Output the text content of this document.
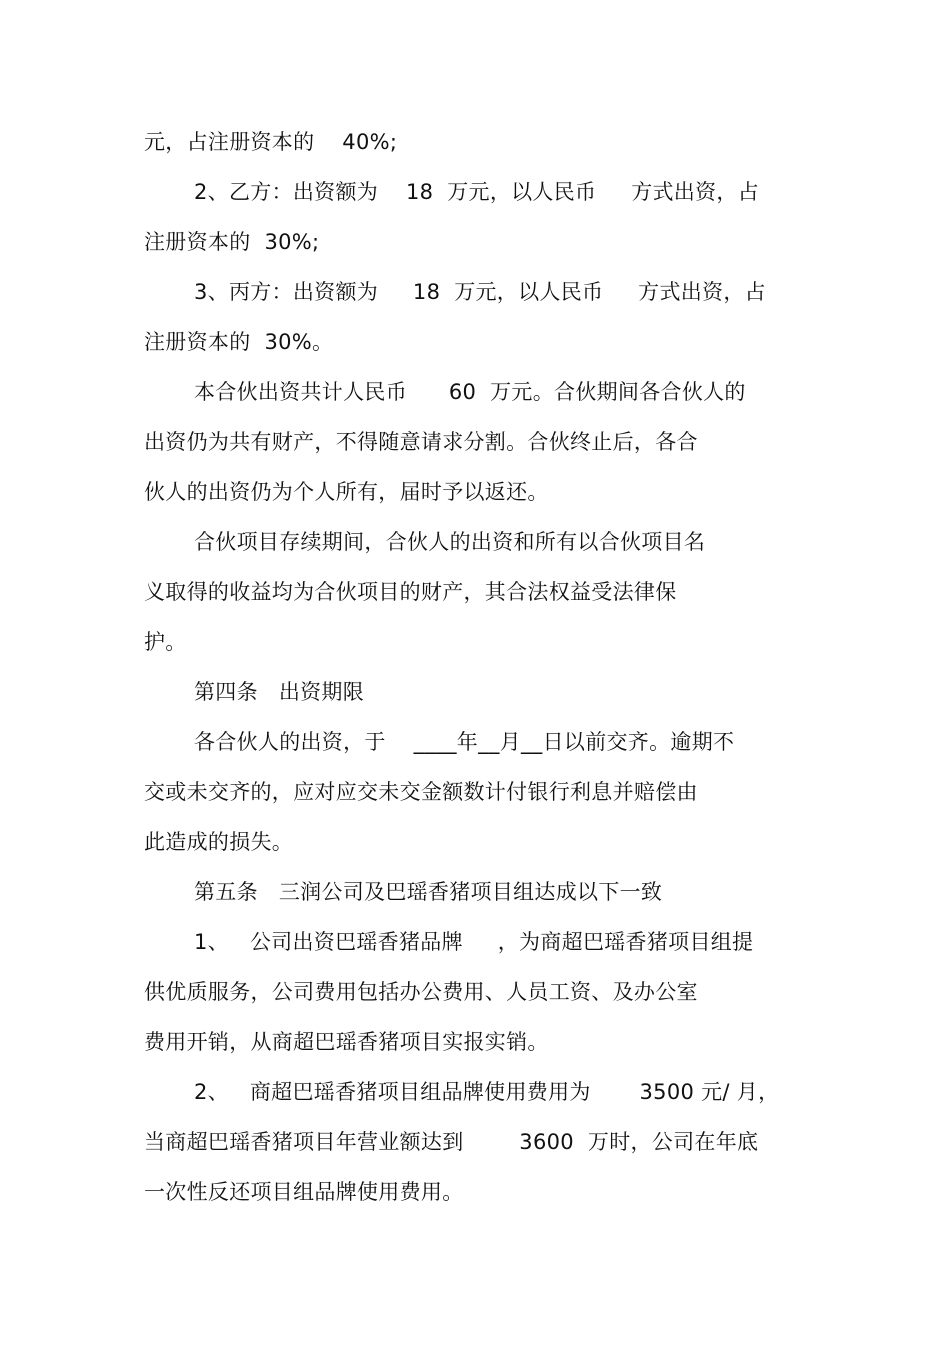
元，占注册资本的    40%;
2、乙方：出资额为    18  万元，以人民币     方式出资，占
注册资本的  30%;
3、丙方：出资额为     18  万元，以人民币     方式出资，占
注册资本的  30%。
本合伙出资共计人民币      60  万元。合伙期间各合伙人的
出资仍为共有财产，不得随意请求分割。合伙终止后，各合
伙人的出资仍为个人所有，届时予以返还。
合伙项目存续期间，合伙人的出资和所有以合伙项目名
义取得的收益均为合伙项目的财产，其合法权益受法律保
护。
第四条   出资期限
各合伙人的出资，于    ____年__月__日以前交齐。逾期不
交或未交齐的，应对应交未交金额数计付银行利息并赔偿由
此造成的损失。
第五条   三润公司及巴瑶香猪项目组达成以下一致
1、   公司出资巴瑶香猪品牌     ，为商超巴瑶香猪项目组提
供优质服务，公司费用包括办公费用、人员工资、及办公室
费用开销，从商超巴瑶香猪项目实报实销。
2、   商超巴瑶香猪项目组品牌使用费用为       3500 元/ 月，
当商超巴瑶香猪项目年营业额达到        3600  万时，公司在年底
一次性反还项目组品牌使用费用。
